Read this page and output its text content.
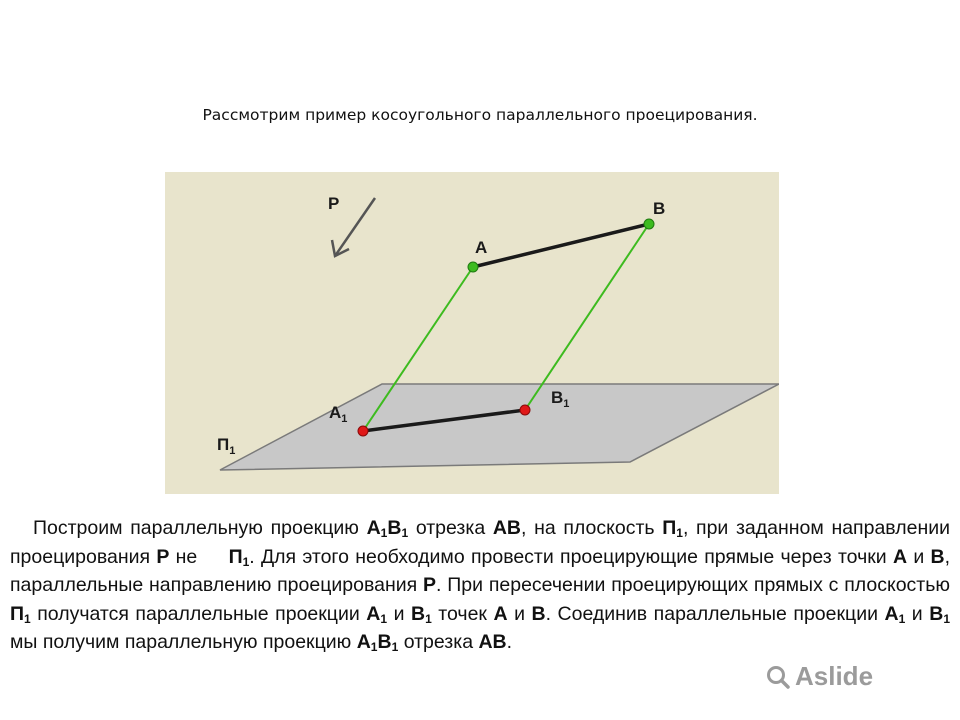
Рассмотрим пример косоугольного параллельного проецирования.
P
A
B
$A_1$
$B_1$
$П_1$
Построим параллельную проекцию $А_1В_1$ отрезка АВ, на плоскость $П_1$, при заданном направлении проецирования Р не $П_1$. Для этого необходимо провести проецирующие прямые через точки А и В, параллельные направлению проецирования Р. При пересечении проецирующих прямых с плоскостью $П_1$ получатся параллельные проекции $А_1$ и $В_1$ точек А и В. Соединив параллельные проекции $А_1$ и $В_1$ мы получим параллельную проекцию $А_1В_1$ отрезка АВ.
Aslide
